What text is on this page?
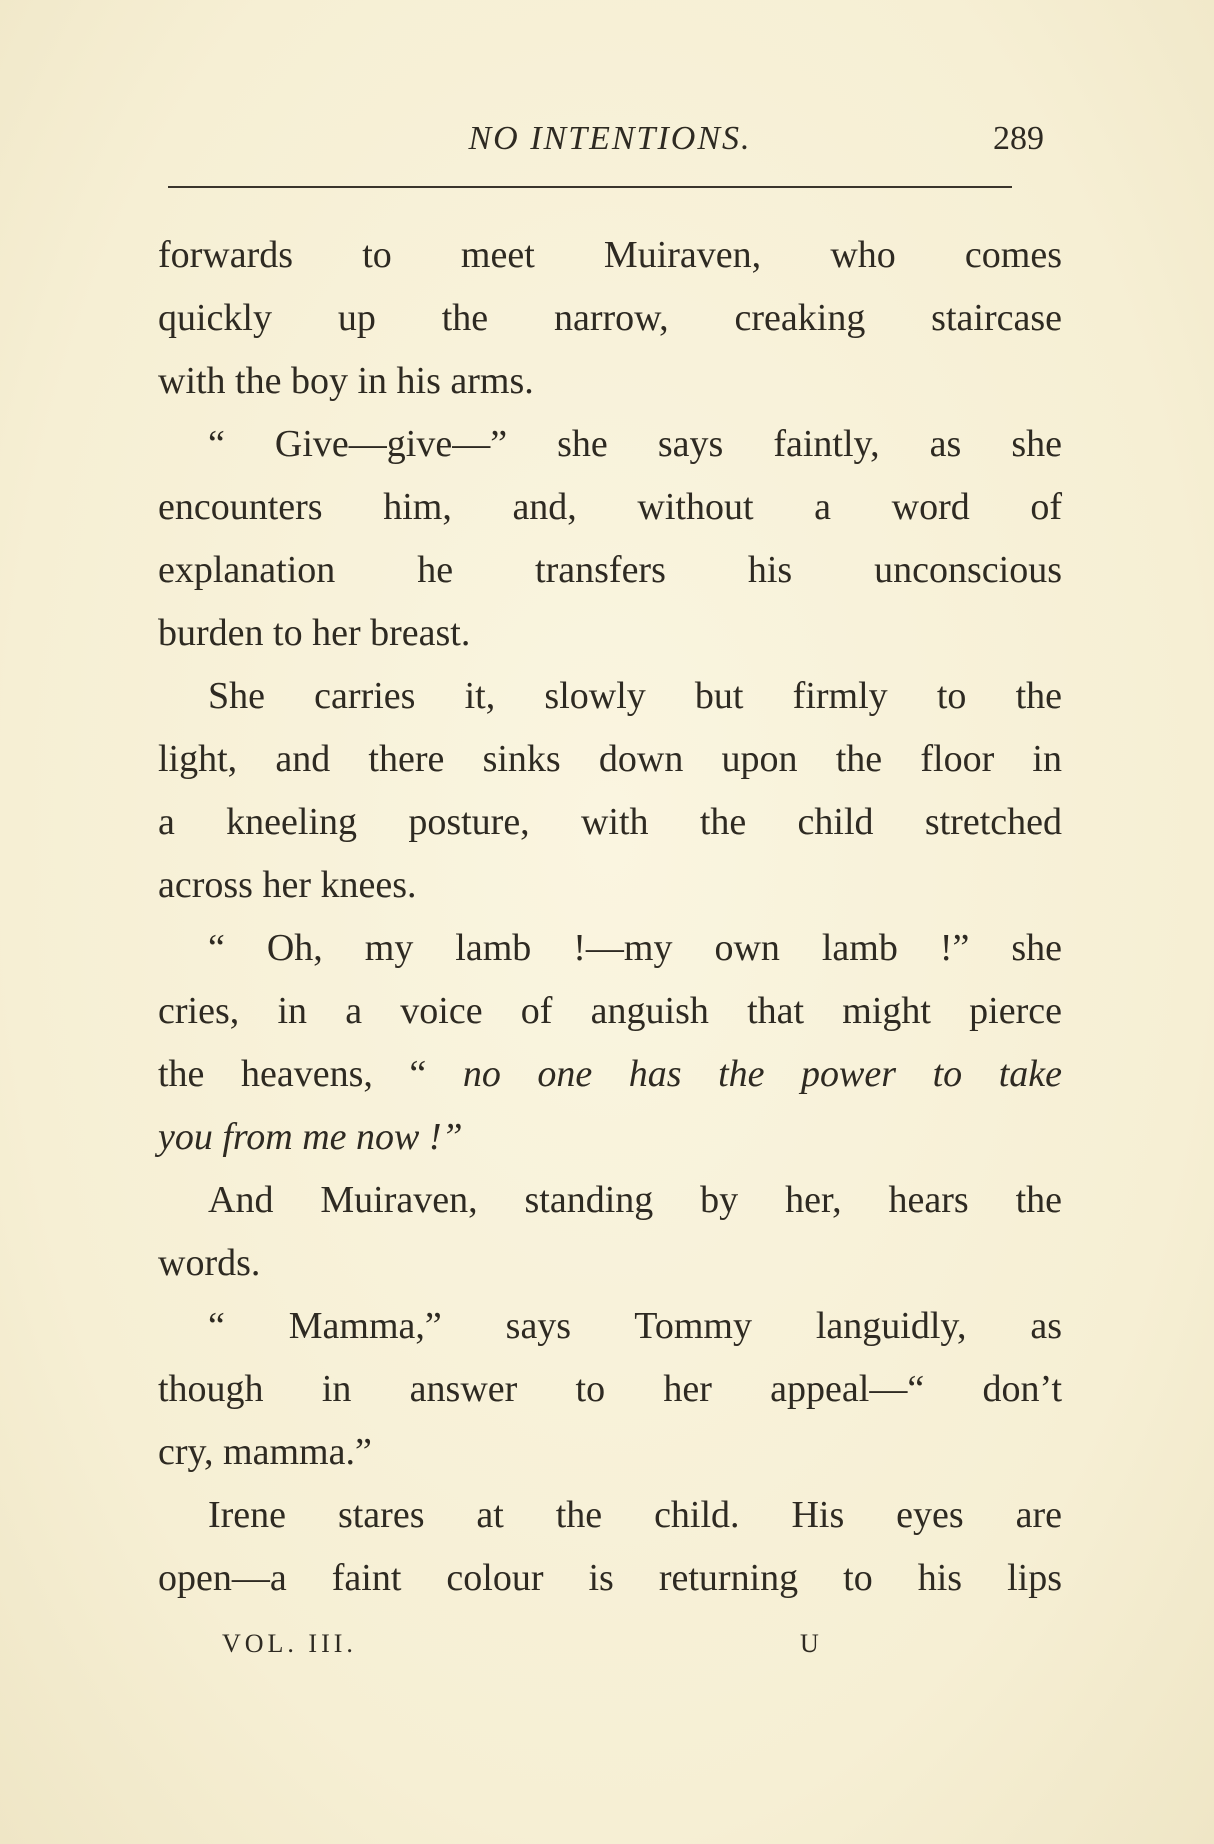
NO INTENTIONS.	289
forwards to meet Muiraven, who comes
quickly up the narrow, creaking staircase
with the boy in his arms.
“ Give—give—” she says faintly, as she
encounters him, and, without a word of
explanation he transfers his unconscious
burden to her breast.
She carries it, slowly but firmly to the
light, and there sinks down upon the floor in
a kneeling posture, with the child stretched
across her knees.
“ Oh, my lamb !—my own lamb !” she
cries, in a voice of anguish that might pierce
the heavens, “ no one has the power to take
you from me now !”
And Muiraven, standing by her, hears the
words.
“ Mamma,” says Tommy languidly, as
though in answer to her appeal—“ don’t
cry, mamma.”
Irene stares at the child. His eyes are
open—a faint colour is returning to his lips
VOL. III.	U
